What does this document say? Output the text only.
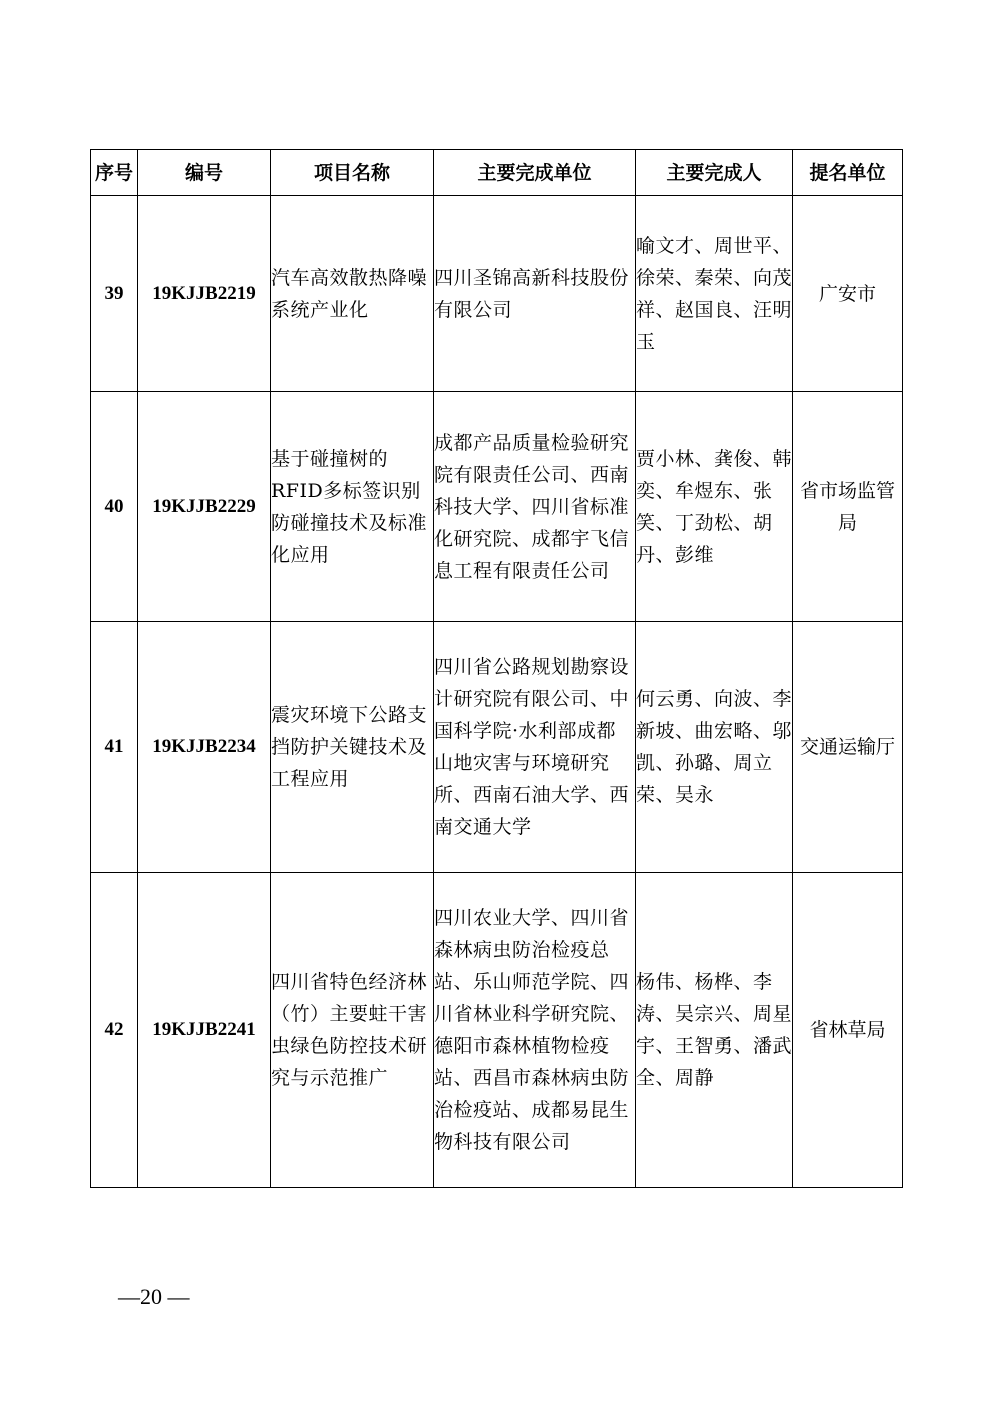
序号	编号	项目名称	主要完成单位	主要完成人	提名单位
39	19KJJB2219	汽车高效散热降噪系统产业化	四川圣锦高新科技股份有限公司	喻文才、周世平、徐荣、秦荣、向茂祥、赵国良、汪明玉	广安市
40	19KJJB2229	基于碰撞树的RFID多标签识别防碰撞技术及标准化应用	成都产品质量检验研究院有限责任公司、西南科技大学、四川省标准化研究院、成都宇飞信息工程有限责任公司	贾小林、龚俊、韩奕、牟煜东、张笑、丁劲松、胡丹、彭维	省市场监管局
41	19KJJB2234	震灾环境下公路支挡防护关键技术及工程应用	四川省公路规划勘察设计研究院有限公司、中国科学院·水利部成都山地灾害与环境研究所、西南石油大学、西南交通大学	何云勇、向波、李新坡、曲宏略、邬凯、孙璐、周立荣、吴永	交通运输厅
42	19KJJB2241	四川省特色经济林（竹）主要蛀干害虫绿色防控技术研究与示范推广	四川农业大学、四川省森林病虫防治检疫总站、乐山师范学院、四川省林业科学研究院、德阳市森林植物检疫站、西昌市森林病虫防治检疫站、成都易昆生物科技有限公司	杨伟、杨桦、李涛、吴宗兴、周星宇、王智勇、潘武全、周静	省林草局
—20 —
